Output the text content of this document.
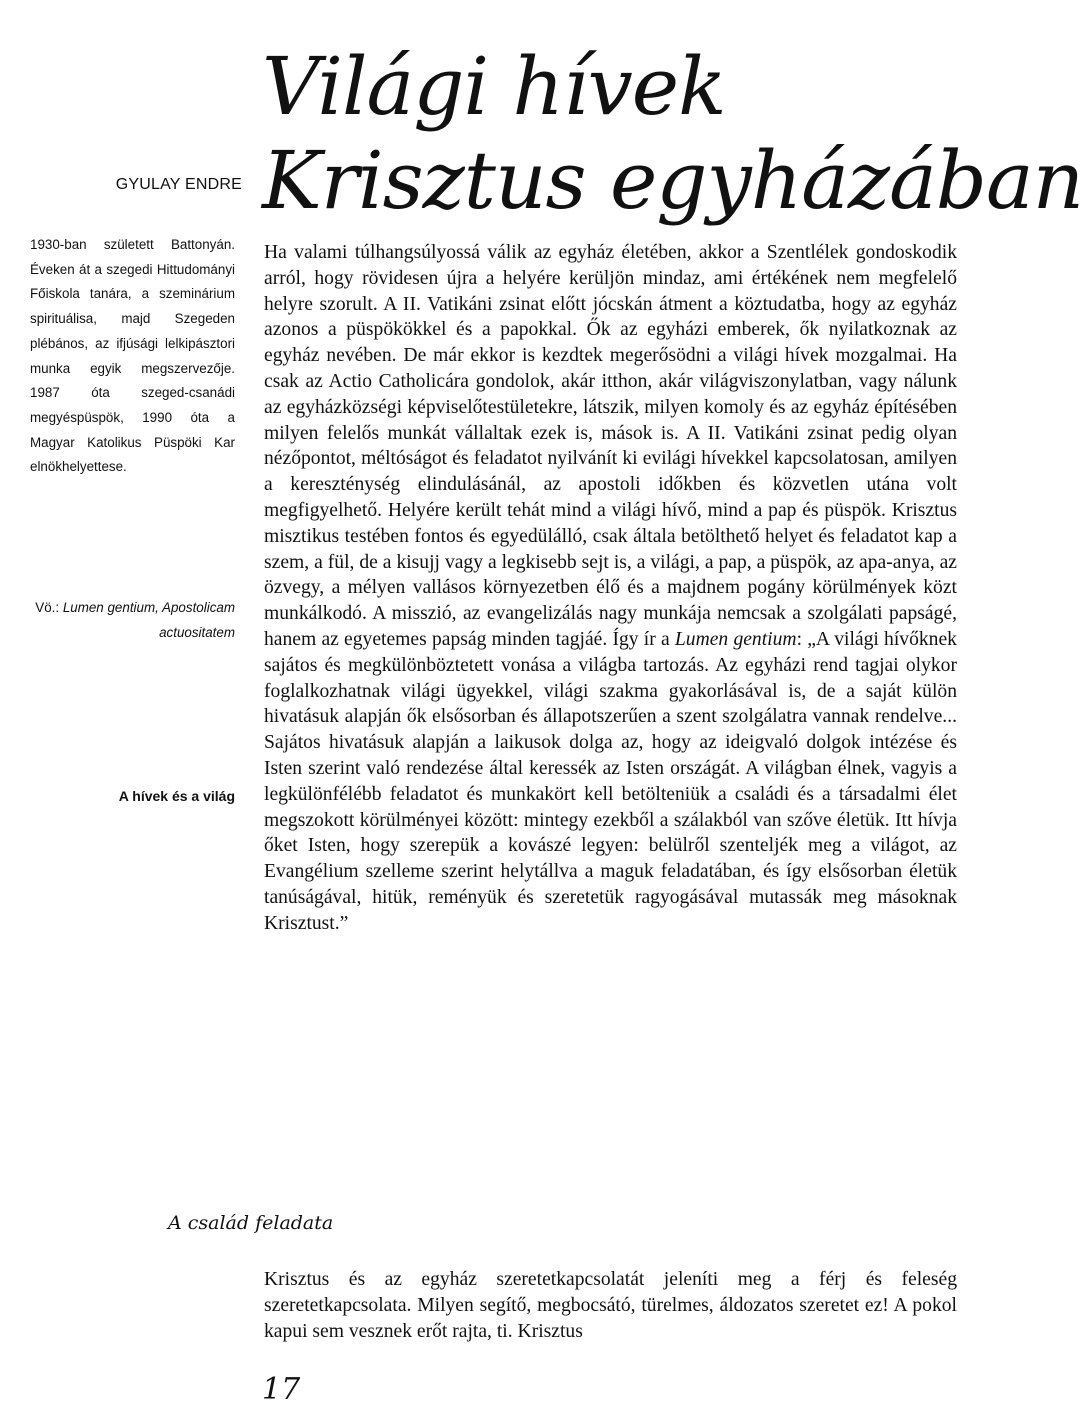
Világi hívek
Krisztus egyházában
GYULAY ENDRE

1930-ban született Battonyán. Éveken át a szegedi Hittudományi Főiskola tanára, a szeminárium spirituálisa, majd Szegeden plébános, az ifjúsági lelkipásztori munka egyik megszervezője. 1987 óta szeged-csanádi megyéspüspök, 1990 óta a Magyar Katolikus Püspöki Kar elnökhelyettese.

Vö.: Lumen gentium, Apostolicam actuositatem

A hívek és a világ

Ha valami túlhangsúlyossá válik az egyház életében, akkor a Szentlélek gondoskodik arról, hogy rövidesen újra a helyére kerüljön mindaz, ami értékének nem megfelelő helyre szorult. A II. Vatikáni zsinat előtt jócskán átment a köztudatba, hogy az egyház azonos a püspökökkel és a papokkal. Ők az egyházi emberek, ők nyilatkoznak az egyház nevében. De már ekkor is kezdtek megerősödni a világi hívek mozgalmai. Ha csak az Actio Catholicára gondolok, akár itthon, akár világviszonylatban, vagy nálunk az egyházközségi képviselőtestületekre, látszik, milyen komoly és az egyház építésében milyen felelős munkát vállaltak ezek is, mások is. A II. Vatikáni zsinat pedig olyan nézőpontot, méltóságot és feladatot nyilvánít ki evilági hívekkel kapcsolatosan, amilyen a kereszténység elindulásánál, az apostoli időkben és közvetlen utána volt megfigyelhető. Helyére került tehát mind a világi hívő, mind a pap és püspök. Krisztus misztikus testében fontos és egyedülálló, csak általa betölthető helyet és feladatot kap a szem, a fül, de a kisujj vagy a legkisebb sejt is, a világi, a pap, a püspök, az apa-anya, az özvegy, a mélyen vallásos környezetben élő és a majdnem pogány körülmények közt munkálkodó. A misszió, az evangelizálás nagy munkája nemcsak a szolgálati papságé, hanem az egyetemes papság minden tagjáé. Így ír a Lumen gentium: „A világi hívőknek sajátos és megkülönböztetett vonása a világba tartozás. Az egyházi rend tagjai olykor foglalkozhatnak világi ügyekkel, világi szakma gyakorlásával is, de a saját külön hivatásuk alapján ők elsősorban és állapotszerűen a szent szolgálatra vannak rendelve... Sajátos hivatásuk alapján a laikusok dolga az, hogy az ideigvaló dolgok intézése és Isten szerint való rendezése által keressék az Isten országát. A világban élnek, vagyis a legkülönfélébb feladatot és munkakört kell betölteniük a családi és a társadalmi élet megszokott körülményei között: mintegy ezekből a szálakból van szőve életük. Itt hívja őket Isten, hogy szerepük a kovászé legyen: belülről szenteljék meg a világot, az Evangélium szelleme szerint helytállva a maguk feladatában, és így elsősorban életük tanúságával, hitük, reményük és szeretetük ragyogásával mutassák meg másoknak Krisztust.”

A család feladata

Krisztus és az egyház szeretetkapcsolatát jeleníti meg a férj és feleség szeretetkapcsolata. Milyen segítő, megbocsátó, türelmes, áldozatos szeretet ez! A pokol kapui sem vesznek erőt rajta, ti. Krisztus

17
